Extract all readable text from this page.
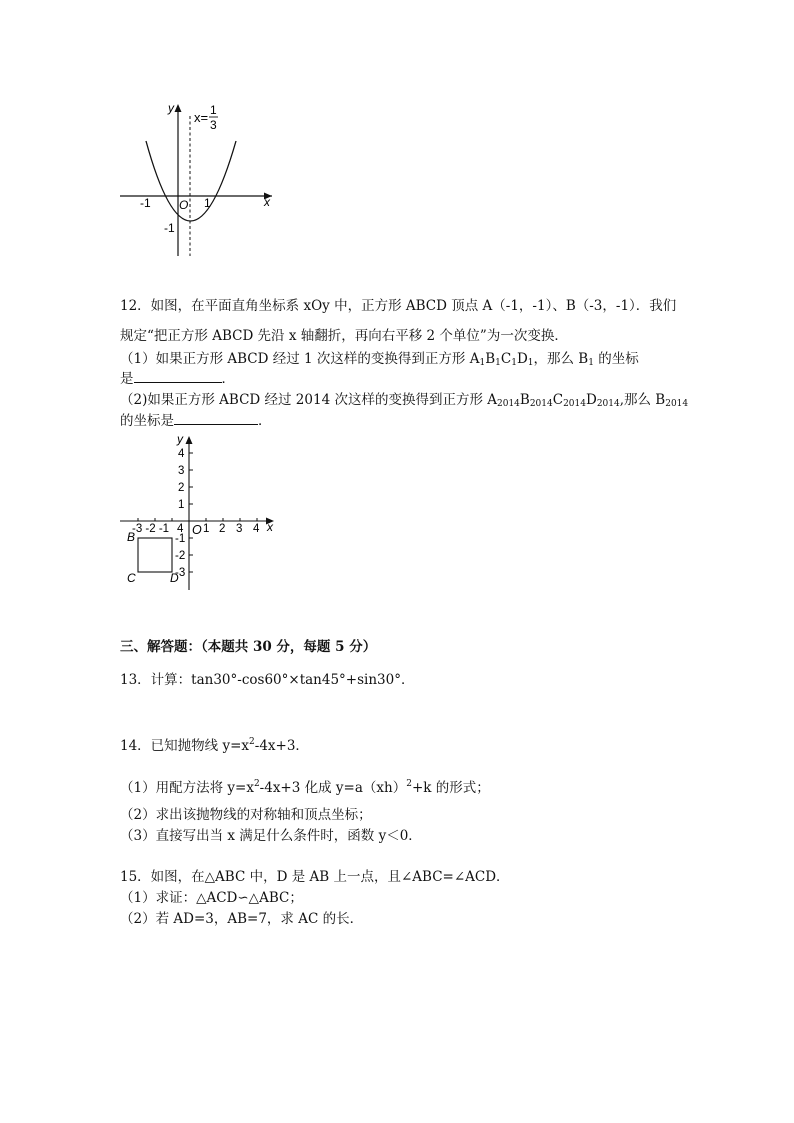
y
x= 1
3
x
-1 O 1
-1
12．如图，在平面直角坐标系 xOy 中，正方形 ABCD 顶点 A（-1，-1）、B（-3，-1）．我们
规定“把正方形 ABCD 先沿 x 轴翻折，再向右平移 2 个单位”为一次变换．
（1）如果正方形 ABCD 经过 1 次这样的变换得到正方形 $A_1B_1C_1D_1$，那么 $B_1$ 的坐标
是	．
（2)如果正方形 ABCD 经过 2014 次这样的变换得到正方形 $A_{2014}B_{2014}C_{2014}D_{2014}$,那么 $B_{2014}$
的坐标是	．
y
4
3
2
1
-3 -2 -1 4 O 1 2 3 4 x
-1
-2
-3
B
C	D
三、解答题：（本题共 30 分，每题 5 分）
13．计算：tan30°-cos60°×tan45°+sin30°．
14．已知抛物线 $y=x^2-4x+3$．
（1）用配方法将 $y=x^2-4x+3$ 化成 y=a（xh）$^2$+k 的形式；
（2）求出该抛物线的对称轴和顶点坐标；
（3）直接写出当 x 满足什么条件时，函数 y＜0．
15．如图，在△ABC 中，D 是 AB 上一点，且∠ABC=∠ACD．
（1）求证：△ACD∽△ABC；
（2）若 AD=3，AB=7，求 AC 的长．
